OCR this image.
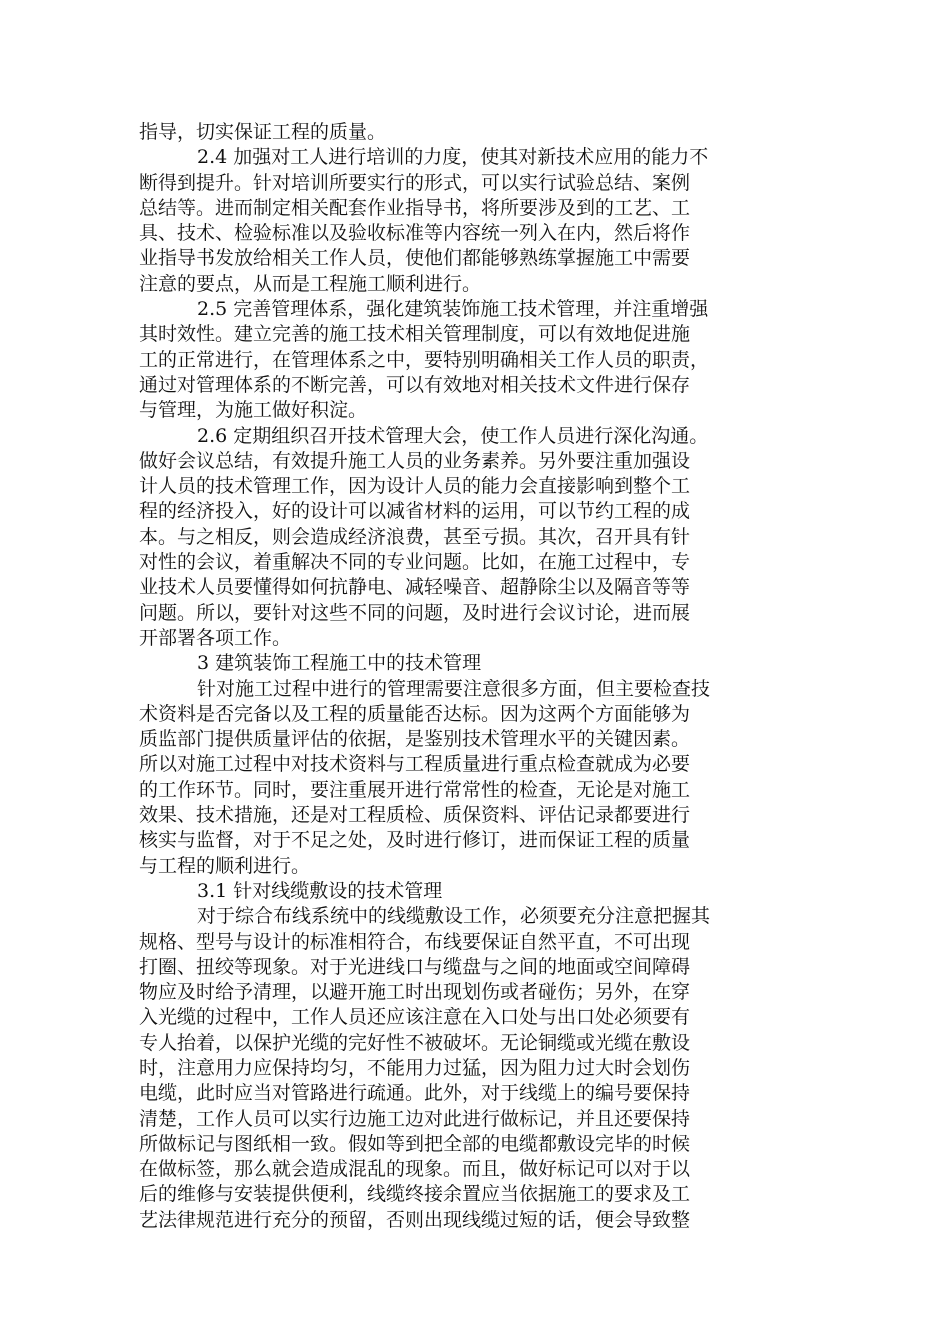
指导，切实保证工程的质量。
2.4 加强对工人进行培训的力度，使其对新技术应用的能力不
断得到提升。针对培训所要实行的形式，可以实行试验总结、案例
总结等。进而制定相关配套作业指导书，将所要涉及到的工艺、工
具、技术、检验标准以及验收标准等内容统一列入在内，然后将作
业指导书发放给相关工作人员，使他们都能够熟练掌握施工中需要
注意的要点，从而是工程施工顺利进行。
2.5 完善管理体系，强化建筑装饰施工技术管理，并注重增强
其时效性。建立完善的施工技术相关管理制度，可以有效地促进施
工的正常进行，在管理体系之中，要特别明确相关工作人员的职责，
通过对管理体系的不断完善，可以有效地对相关技术文件进行保存
与管理，为施工做好积淀。
2.6 定期组织召开技术管理大会，使工作人员进行深化沟通。
做好会议总结，有效提升施工人员的业务素养。另外要注重加强设
计人员的技术管理工作，因为设计人员的能力会直接影响到整个工
程的经济投入，好的设计可以减省材料的运用，可以节约工程的成
本。与之相反，则会造成经济浪费，甚至亏损。其次，召开具有针
对性的会议，着重解决不同的专业问题。比如，在施工过程中，专
业技术人员要懂得如何抗静电、减轻噪音、超静除尘以及隔音等等
问题。所以，要针对这些不同的问题，及时进行会议讨论，进而展
开部署各项工作。
3 建筑装饰工程施工中的技术管理
针对施工过程中进行的管理需要注意很多方面，但主要检查技
术资料是否完备以及工程的质量能否达标。因为这两个方面能够为
质监部门提供质量评估的依据，是鉴别技术管理水平的关键因素。
所以对施工过程中对技术资料与工程质量进行重点检查就成为必要
的工作环节。同时，要注重展开进行常常性的检查，无论是对施工
效果、技术措施，还是对工程质检、质保资料、评估记录都要进行
核实与监督，对于不足之处，及时进行修订，进而保证工程的质量
与工程的顺利进行。
3.1 针对线缆敷设的技术管理
对于综合布线系统中的线缆敷设工作，必须要充分注意把握其
规格、型号与设计的标准相符合，布线要保证自然平直，不可出现
打圈、扭绞等现象。对于光进线口与缆盘与之间的地面或空间障碍
物应及时给予清理，以避开施工时出现划伤或者碰伤；另外，在穿
入光缆的过程中，工作人员还应该注意在入口处与出口处必须要有
专人抬着，以保护光缆的完好性不被破坏。无论铜缆或光缆在敷设
时，注意用力应保持均匀，不能用力过猛，因为阻力过大时会划伤
电缆，此时应当对管路进行疏通。此外，对于线缆上的编号要保持
清楚，工作人员可以实行边施工边对此进行做标记，并且还要保持
所做标记与图纸相一致。假如等到把全部的电缆都敷设完毕的时候
在做标签，那么就会造成混乱的现象。而且，做好标记可以对于以
后的维修与安装提供便利，线缆终接余置应当依据施工的要求及工
艺法律规范进行充分的预留，否则出现线缆过短的话，便会导致整
